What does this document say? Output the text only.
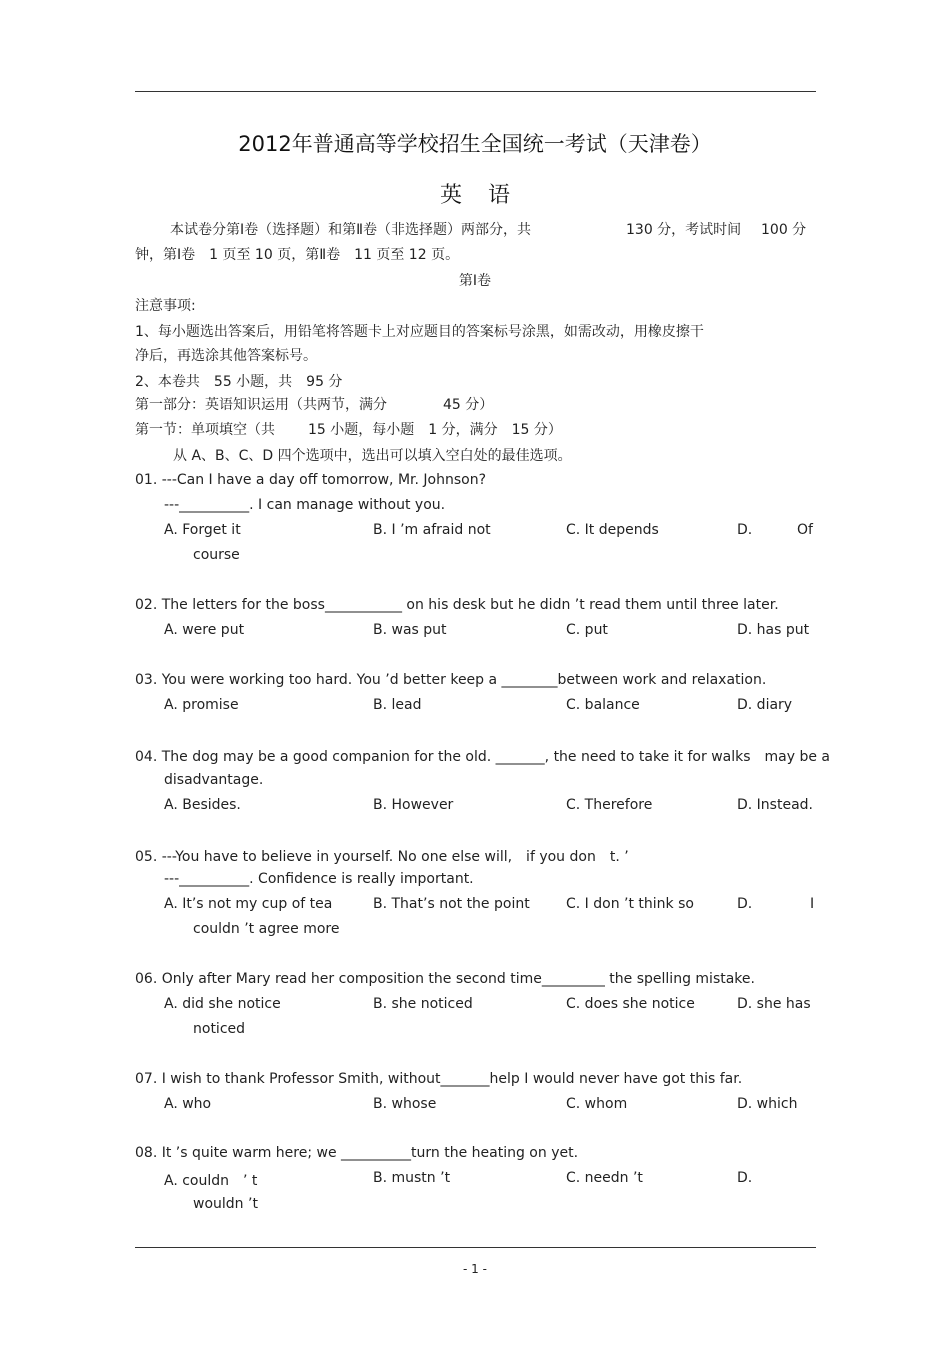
2012年普通高等学校招生全国统一考试（天津卷）
英语
本试卷分第Ⅰ卷（选择题）和第Ⅱ卷（非选择题）两部分，共	130 分，考试时间 100 分
钟，第Ⅰ卷　1 页至 10 页，第Ⅱ卷　11 页至 12 页。
第Ⅰ卷
注意事项:
1、每小题选出答案后，用铅笔将答题卡上对应题目的答案标号涂黑，如需改动，用橡皮擦干
净后，再选涂其他答案标号。
2、本卷共　55 小题，共　95 分
第一部分：英语知识运用（共两节，满分	45 分）
第一节：单项填空（共 15 小题，每小题　1 分，满分　15 分）
从 A、B、C、D 四个选项中，选出可以填入空白处的最佳选项。
01. ---Can I have a day off tomorrow, Mr. Johnson?
---__________. I can manage without you.
A. Forget it	B. I ’m afraid not	C. It depends	D.	Of
course
02. The letters for the boss___________ on his desk but he didn ’t read them until three later.
A. were put	B. was put	C. put	D. has put
03. You were working too hard. You ’d better keep a ________between work and relaxation.
A. promise	B. lead	C. balance	D. diary
04. The dog may be a good companion for the old. _______, the need to take it for walks　may be a
disadvantage.
A. Besides.	B. However	C. Therefore	D. Instead.
05. ---You have to believe in yourself. No one else will,　if you don　t. ’
---__________. Confidence is really important.
A. It’s not my cup of tea	B. That’s not the point	C. I don ’t think so	D.	I
couldn ’t agree more
06. Only after Mary read her composition the second time_________ the spelling mistake.
A. did she notice	B. she noticed	C. does she notice	D. she has
noticed
07. I wish to thank Professor Smith, without_______help I would never have got this far.
A. who	B. whose	C. whom	D. which
08. It ’s quite warm here; we __________turn the heating on yet.
A. couldn　’ t	B. mustn ’t	C. needn ’t	D.
wouldn ’t
- 1 -
